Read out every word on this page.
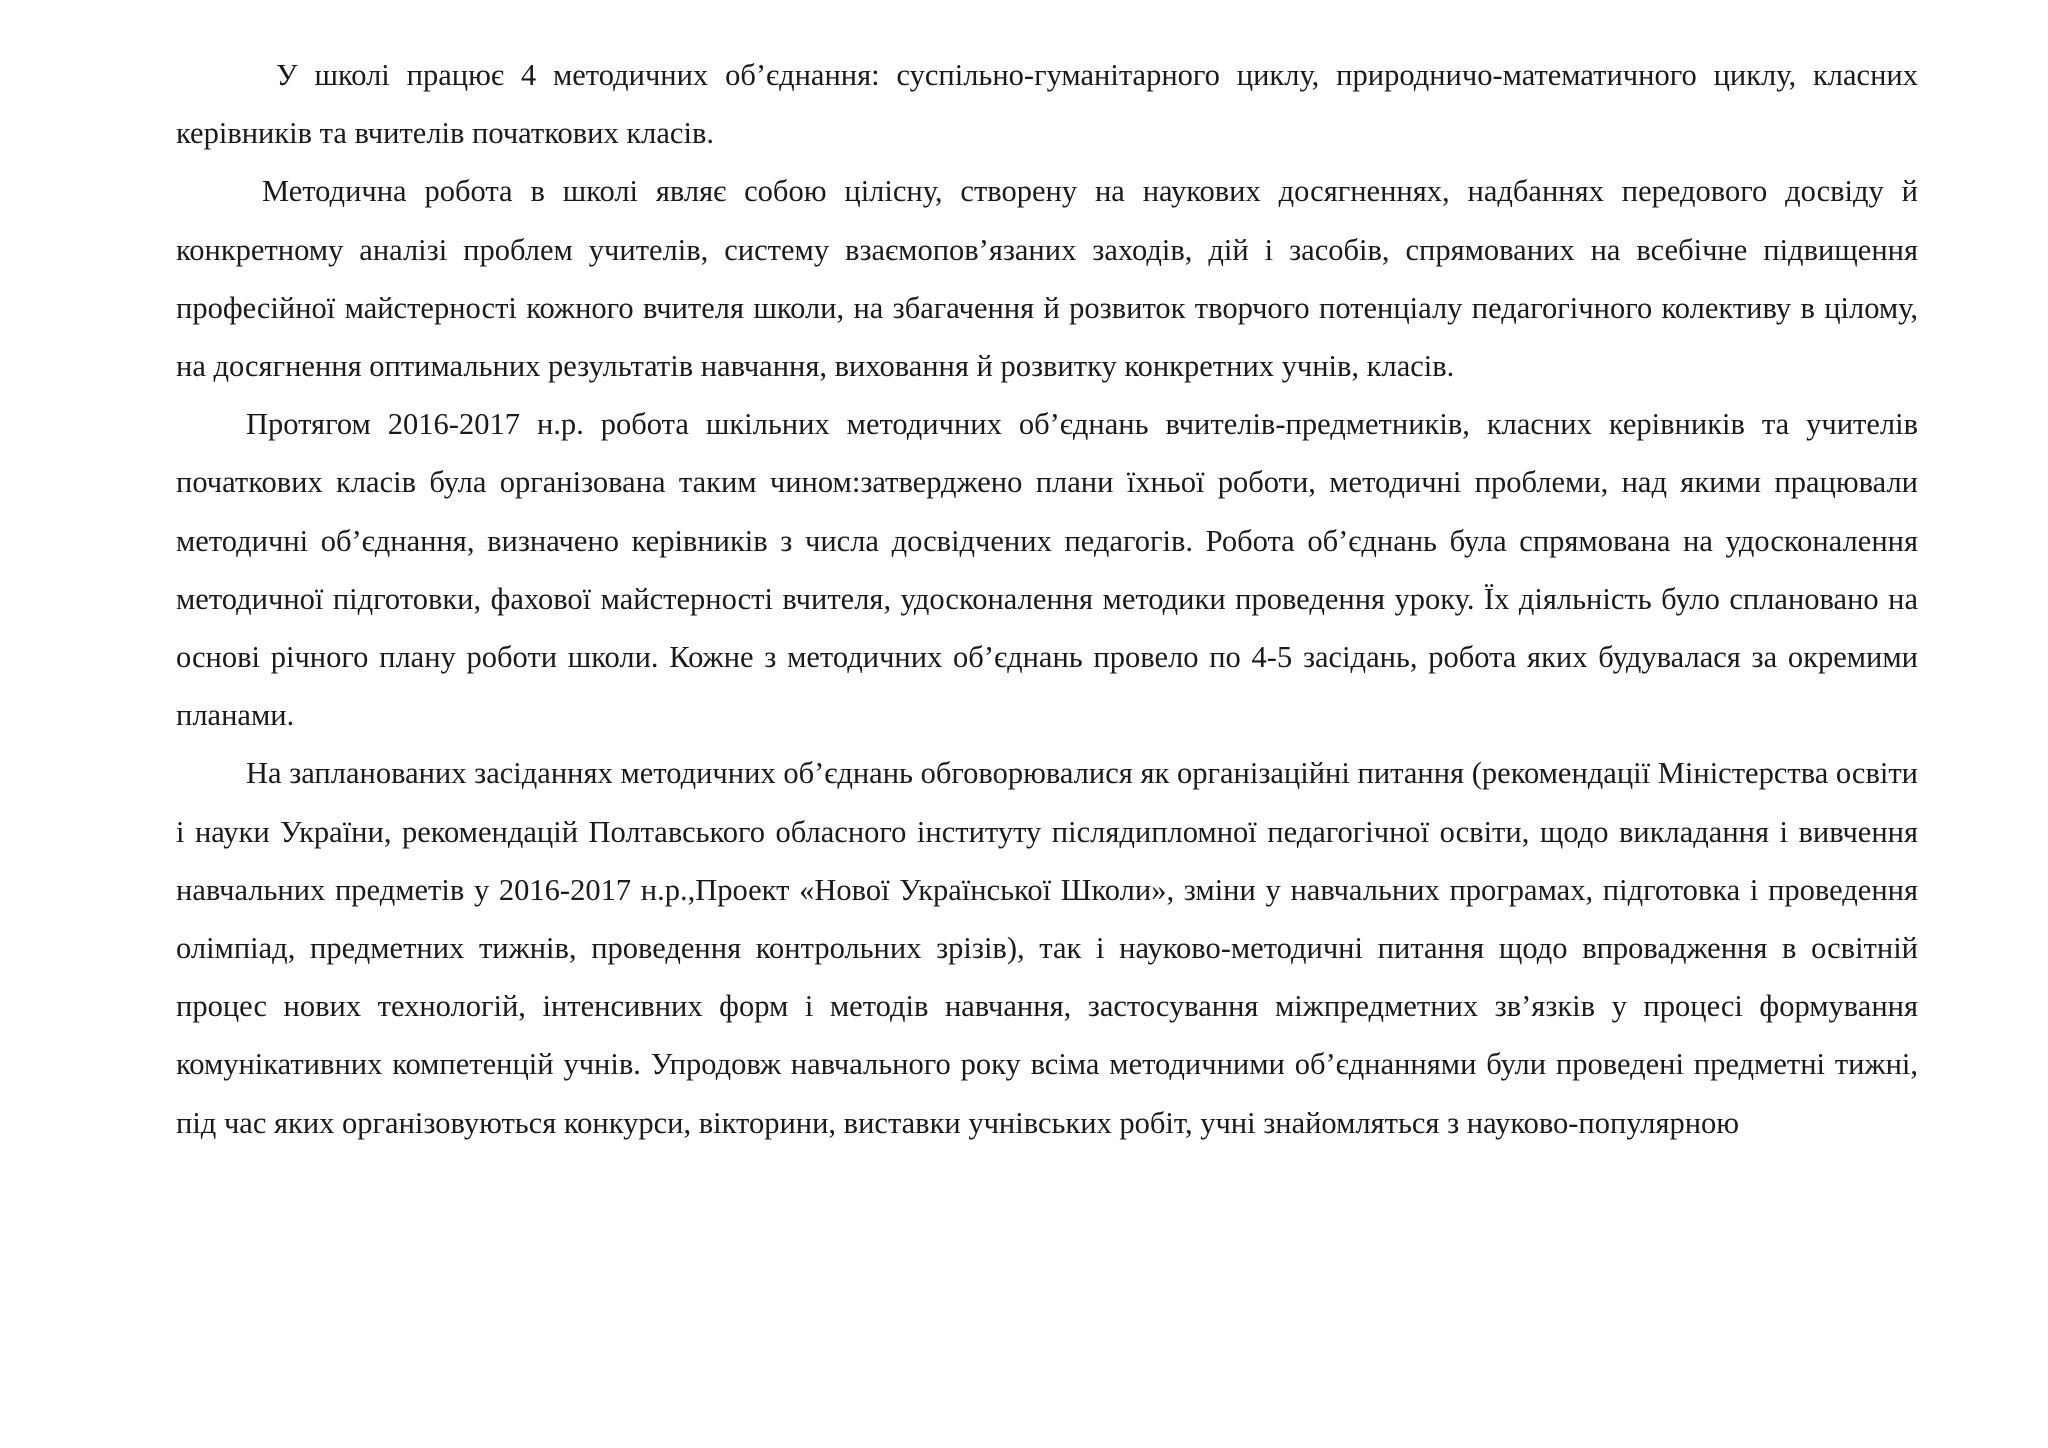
У школі працює 4 методичних об’єднання: суспільно-гуманітарного циклу, природничо-математичного циклу, класних керівників та вчителів початкових класів.

Методична робота в школі являє собою цілісну, створену на наукових досягненнях, надбаннях передового досвіду й конкретному аналізі проблем учителів, систему взаємопов’язаних заходів, дій і засобів, спрямованих на всебічне підвищення професійної майстерності кожного вчителя школи, на збагачення й розвиток творчого потенціалу педагогічного колективу в цілому, на досягнення оптимальних результатів навчання, виховання й розвитку конкретних учнів, класів.

Протягом 2016-2017 н.р. робота шкільних методичних об’єднань вчителів-предметників, класних керівників та учителів початкових класів була організована таким чином:затверджено плани їхньої роботи, методичні проблеми, над якими працювали методичні об’єднання, визначено керівників з числа досвідчених педагогів. Робота об’єднань була спрямована на удосконалення методичної підготовки, фахової майстерності вчителя, удосконалення методики проведення уроку. Їх діяльність було сплановано на основі річного плану роботи школи. Кожне з методичних об’єднань провело по 4-5 засідань, робота яких будувалася за окремими планами.

На запланованих засіданнях методичних об’єднань обговорювалися як організаційні питання (рекомендації Міністерства освіти і науки України, рекомендацій Полтавського обласного інституту післядипломної педагогічної освіти, щодо викладання і вивчення навчальних предметів у 2016-2017 н.р.,Проект «Нової Української Школи», зміни у навчальних програмах, підготовка і проведення олімпіад, предметних тижнів, проведення контрольних зрізів), так і науково-методичні питання щодо впровадження в освітній процес нових технологій, інтенсивних форм і методів навчання, застосування міжпредметних зв’язків у процесі формування комунікативних компетенцій учнів. Упродовж навчального року всіма методичними об’єднаннями були проведені предметні тижні, під час яких організовуються конкурси, вікторини, виставки учнівських робіт, учні знайомляться з науково-популярною
